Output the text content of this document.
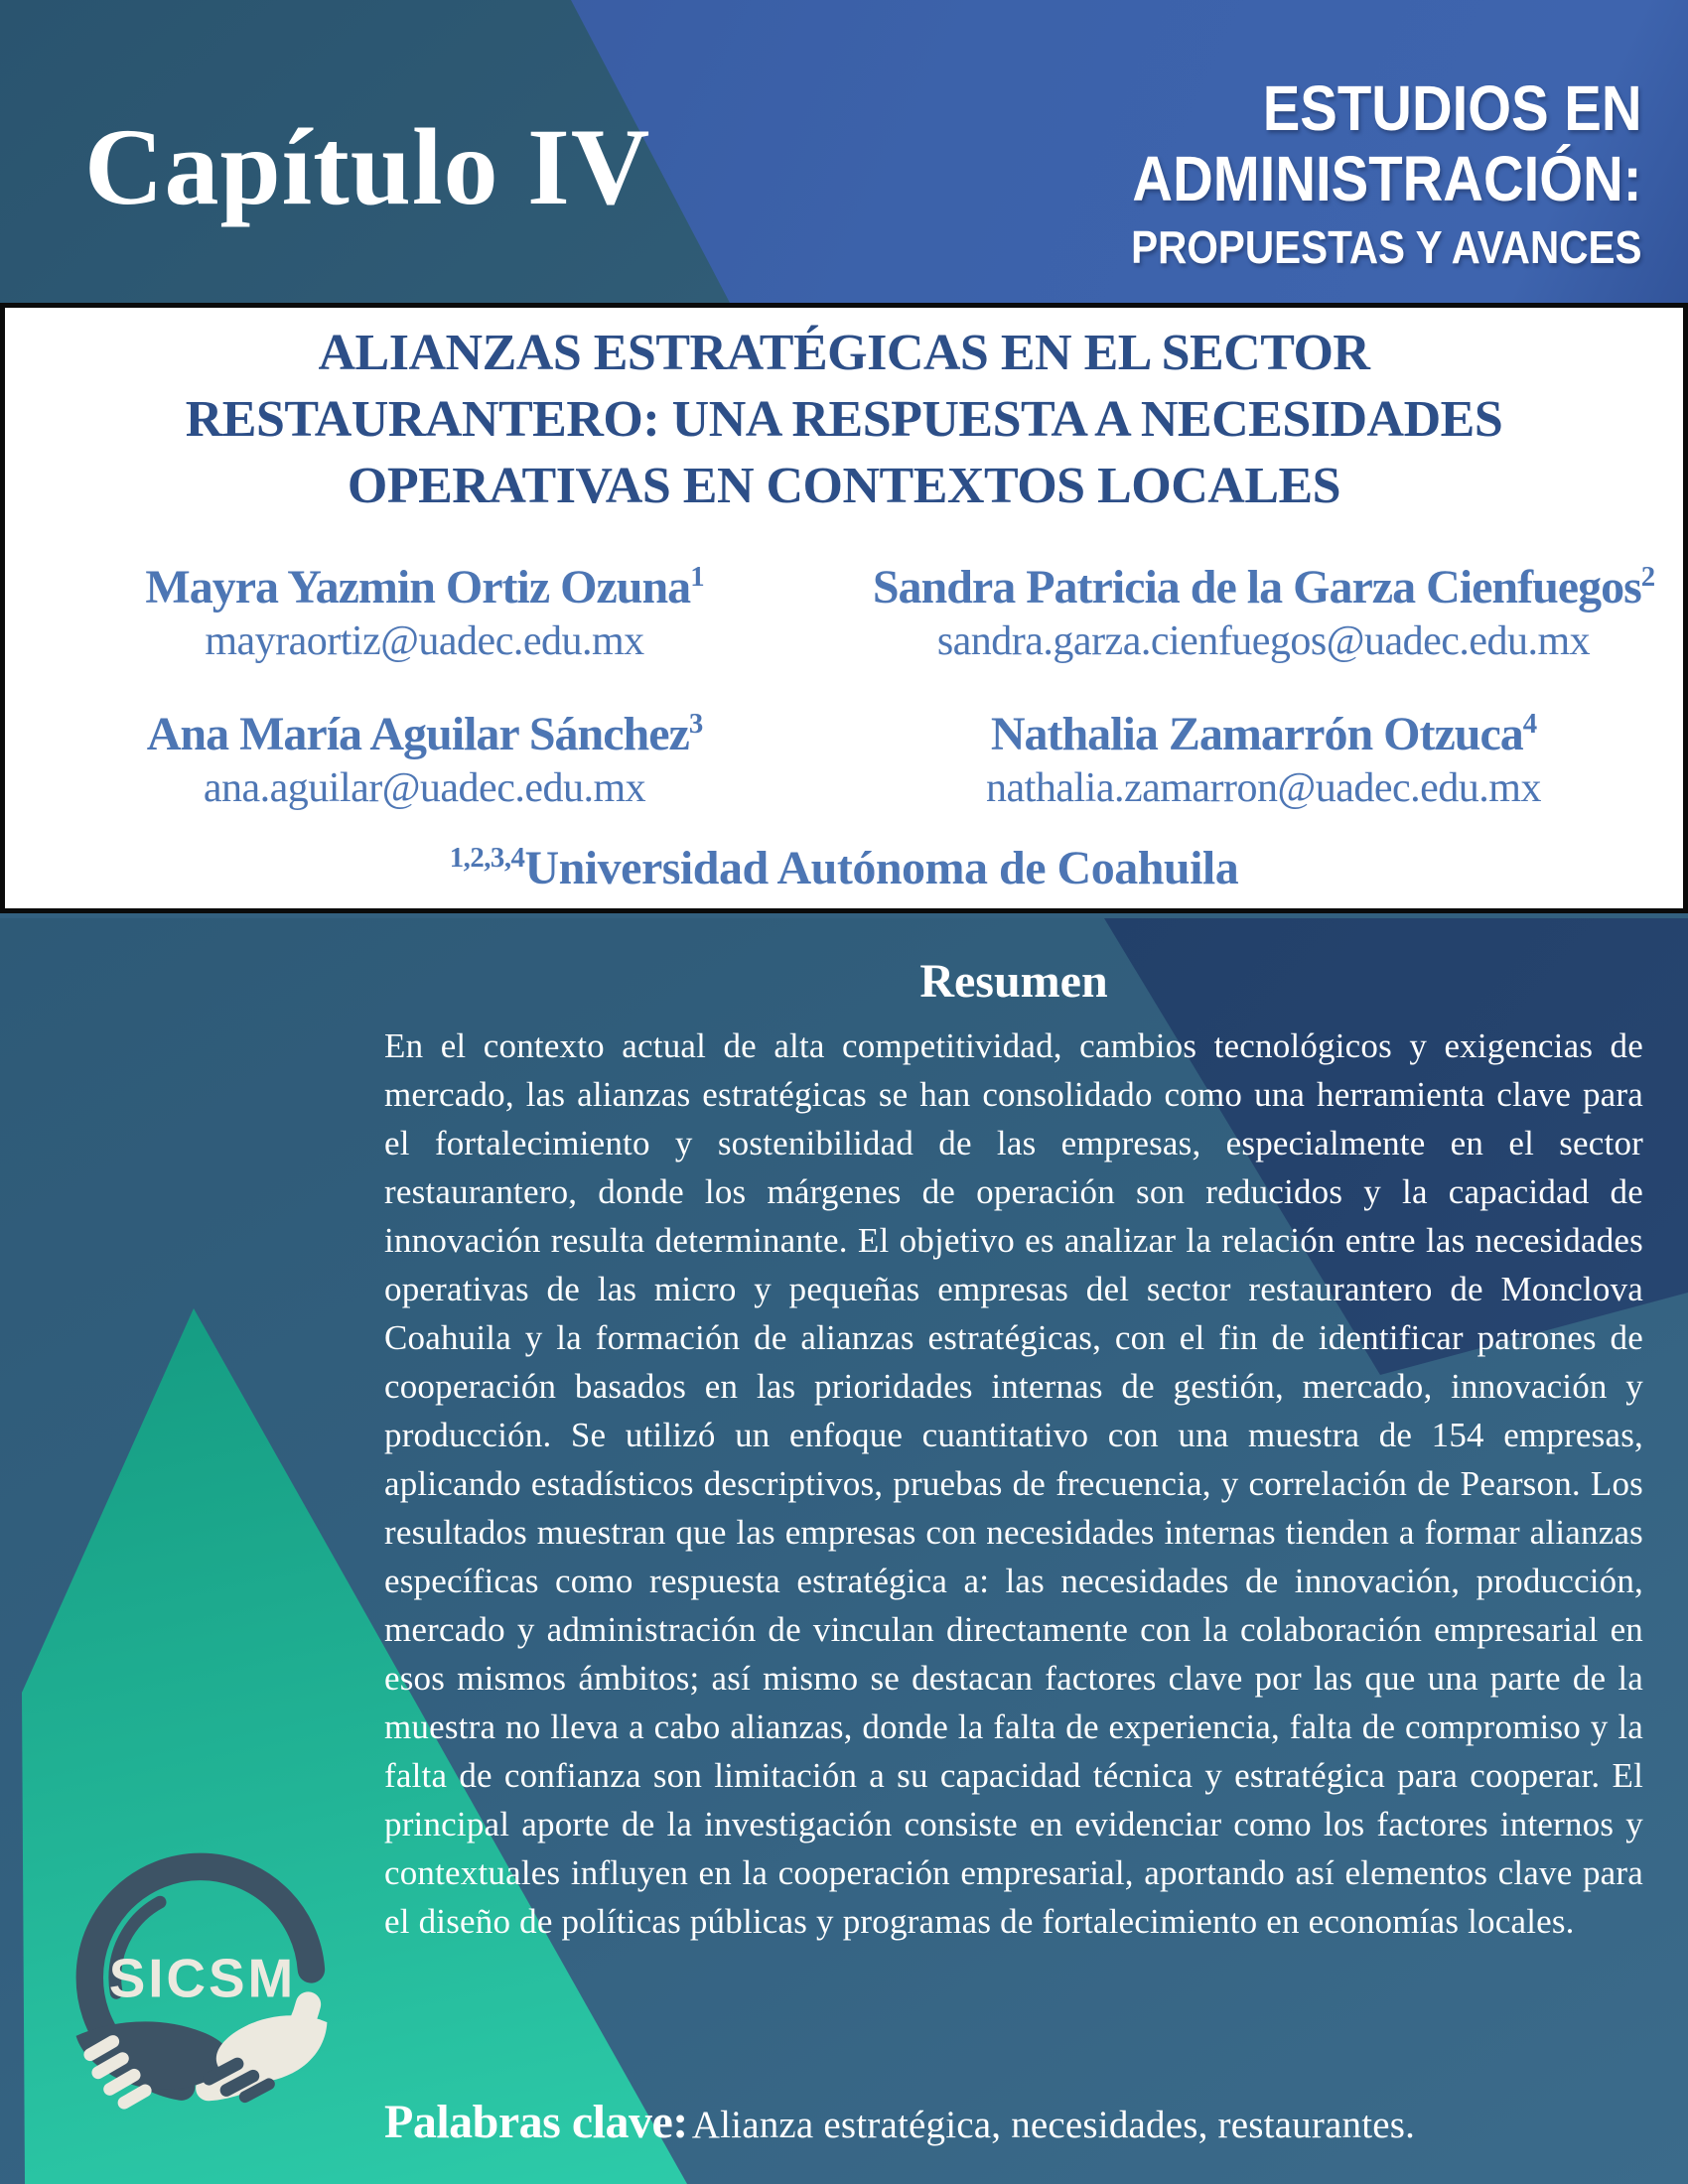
Capítulo IV	ESTUDIOS EN
ADMINISTRACIÓN:
PROPUESTAS Y AVANCES
ALIANZAS ESTRATÉGICAS EN EL SECTOR
RESTAURANTERO: UNA RESPUESTA A NECESIDADES
OPERATIVAS EN CONTEXTOS LOCALES
Mayra Yazmin Ortiz Ozuna$^1$
mayraortiz@uadec.edu.mx
Sandra Patricia de la Garza Cienfuegos$^2$
sandra.garza.cienfuegos@uadec.edu.mx
Ana María Aguilar Sánchez$^3$
ana.aguilar@uadec.edu.mx
Nathalia Zamarrón Otzuca$^4$
nathalia.zamarron@uadec.edu.mx
$^{1,2,3,4}$Universidad Autónoma de Coahuila
SICSM
Resumen
En el contexto actual de alta competitividad, cambios tecnológicos y exigencias de mercado, las alianzas estratégicas se han consolidado como una herramienta clave para el fortalecimiento y sostenibilidad de las empresas, especialmente en el sector restaurantero, donde los márgenes de operación son reducidos y la capacidad de innovación resulta determinante. El objetivo es analizar la relación entre las necesidades operativas de las micro y pequeñas empresas del sector restaurantero de Monclova Coahuila y la formación de alianzas estratégicas, con el fin de identificar patrones de cooperación basados en las prioridades internas de gestión, mercado, innovación y producción. Se utilizó un enfoque cuantitativo con una muestra de 154 empresas, aplicando estadísticos descriptivos, pruebas de frecuencia, y correlación de Pearson. Los resultados muestran que las empresas con necesidades internas tienden a formar alianzas específicas como respuesta estratégica a: las necesidades de innovación, producción, mercado y administración de vinculan directamente con la colaboración empresarial en esos mismos ámbitos; así mismo se destacan factores clave por las que una parte de la muestra no lleva a cabo alianzas, donde la falta de experiencia, falta de compromiso y la falta de confianza son limitación a su capacidad técnica y estratégica para cooperar. El principal aporte de la investigación consiste en evidenciar como los factores internos y contextuales influyen en la cooperación empresarial, aportando así elementos clave para el diseño de políticas públicas y programas de fortalecimiento en economías locales.
Palabras clave: Alianza estratégica, necesidades, restaurantes.
